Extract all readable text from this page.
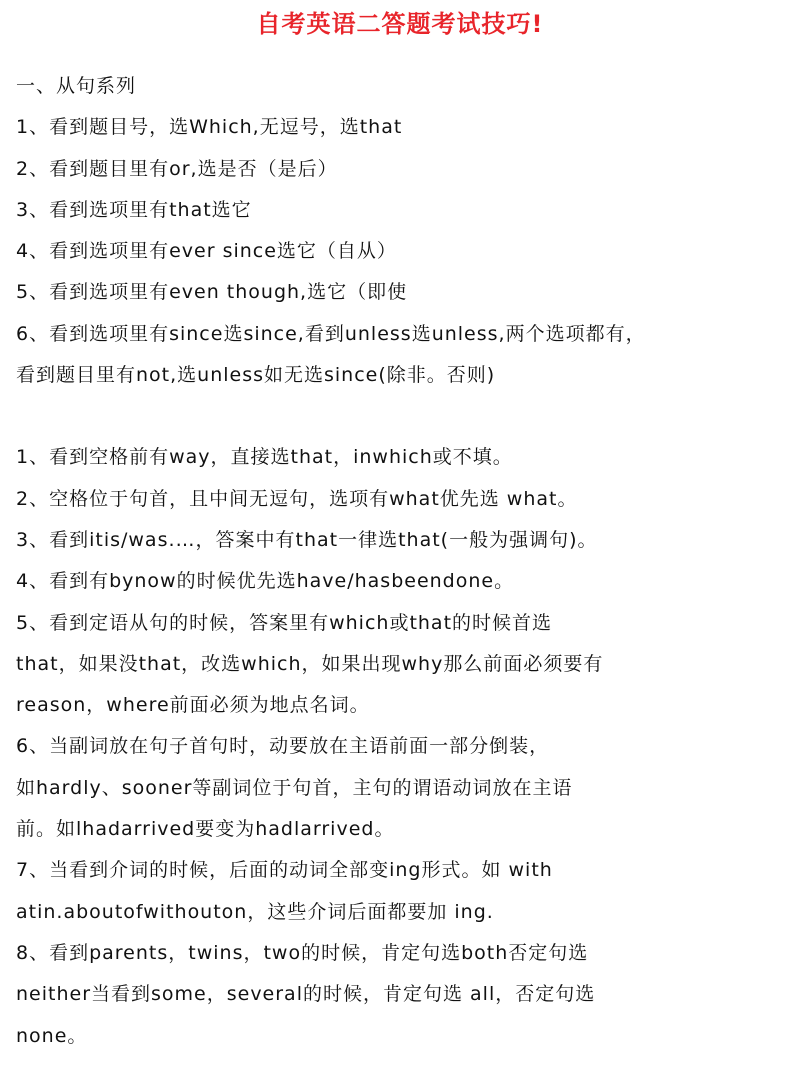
自考英语二答题考试技巧!
一、从句系列
1、看到题目号，选Which,无逗号，选that
2、看到题目里有or,选是否（是后）
3、看到选项里有that选它
4、看到选项里有ever since选它（自从）
5、看到选项里有even though,选它（即使
6、看到选项里有since选since,看到unless选unless,两个选项都有，
看到题目里有not,选unless如无选since(除非。否则)
1、看到空格前有way，直接选that，inwhich或不填。
2、空格位于句首，且中间无逗句，选项有what优先选 what。
3、看到itis/was.…，答案中有that一律选that(一般为强调句)。
4、看到有bynow的时候优先选have/hasbeendone。
5、看到定语从句的时候，答案里有which或that的时候首选
that，如果没that，改选which，如果出现why那么前面必须要有
reason，where前面必须为地点名词。
6、当副词放在句子首句时，动要放在主语前面一部分倒装，
如hardly、sooner等副词位于句首，主句的谓语动词放在主语
前。如lhadarrived要变为hadlarrived。
7、当看到介词的时候，后面的动词全部变ing形式。如 with
atin.aboutofwithouton，这些介词后面都要加 ing.
8、看到parents，twins，two的时候，肯定句选both否定句选
neither当看到some，several的时候，肯定句选 all，否定句选
none。
